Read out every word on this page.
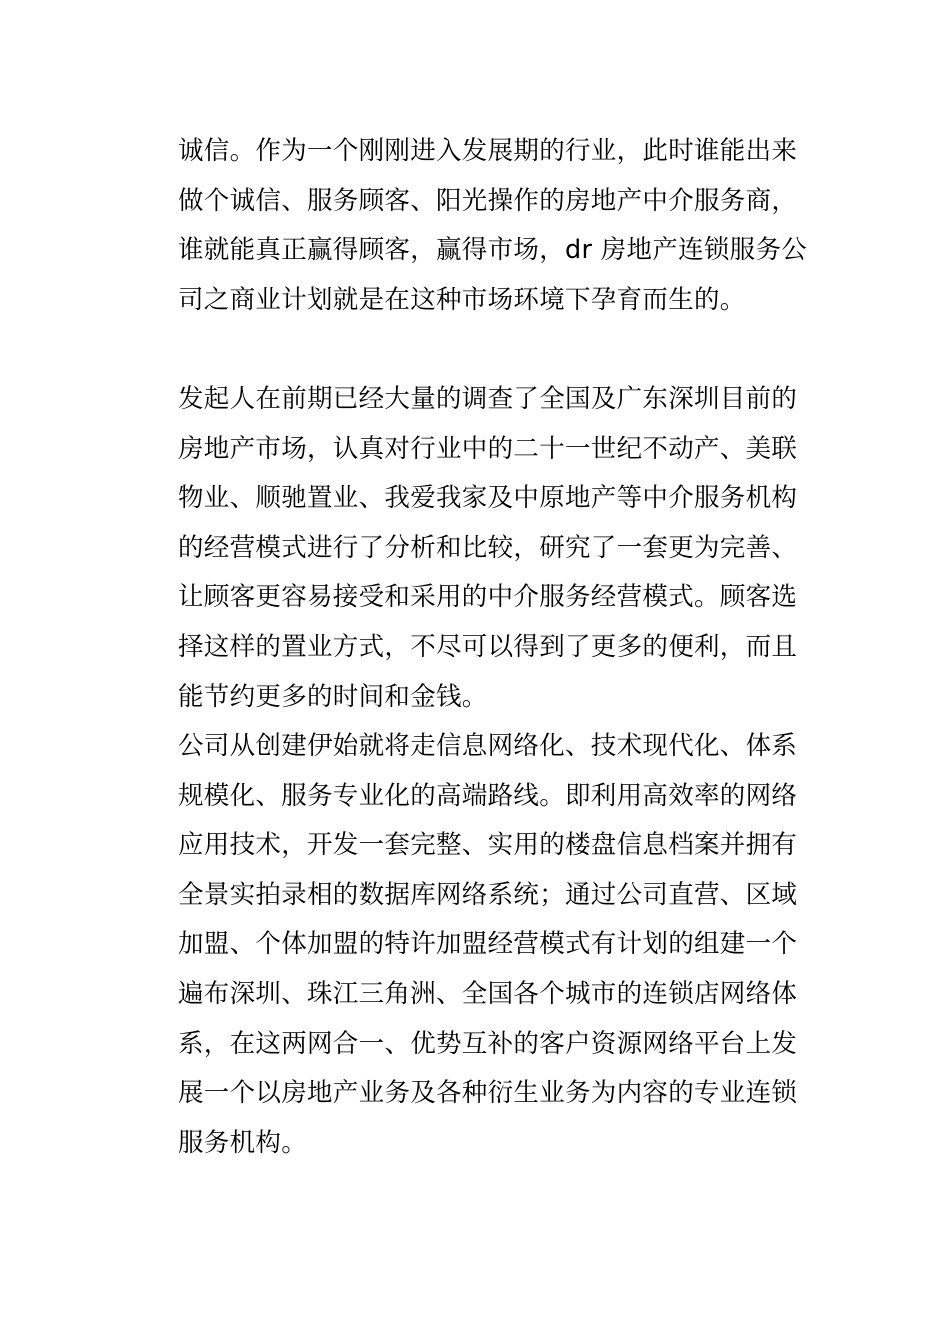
诚信。作为一个刚刚进入发展期的行业，此时谁能出来
做个诚信、服务顾客、阳光操作的房地产中介服务商，
谁就能真正赢得顾客，赢得市场，dr 房地产连锁服务公
司之商业计划就是在这种市场环境下孕育而生的。
发起人在前期已经大量的调查了全国及广东深圳目前的
房地产市场，认真对行业中的二十一世纪不动产、美联
物业、顺驰置业、我爱我家及中原地产等中介服务机构
的经营模式进行了分析和比较，研究了一套更为完善、
让顾客更容易接受和采用的中介服务经营模式。顾客选
择这样的置业方式，不尽可以得到了更多的便利，而且
能节约更多的时间和金钱。
公司从创建伊始就将走信息网络化、技术现代化、体系
规模化、服务专业化的高端路线。即利用高效率的网络
应用技术，开发一套完整、实用的楼盘信息档案并拥有
全景实拍录相的数据库网络系统；通过公司直营、区域
加盟、个体加盟的特许加盟经营模式有计划的组建一个
遍布深圳、珠江三角洲、全国各个城市的连锁店网络体
系，在这两网合一、优势互补的客户资源网络平台上发
展一个以房地产业务及各种衍生业务为内容的专业连锁
服务机构。
